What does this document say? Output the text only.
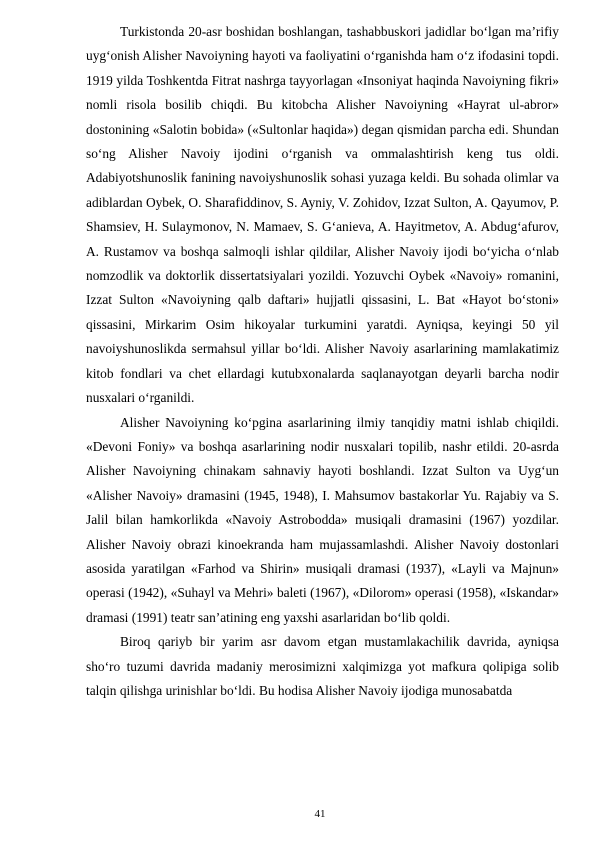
Turkistonda 20-asr boshidan boshlangan, tashabbuskori jadidlar bo‘lgan ma’rifiy uyg‘onish Alisher Navoiyning hayoti va faoliyatini o‘rganishda ham o‘z ifodasini topdi. 1919 yilda Toshkentda Fitrat nashrga tayyorlagan «Insoniyat haqinda Navoiyning fikri» nomli risola bosilib chiqdi. Bu kitobcha Alisher Navoiyning «Hayrat ul-abror» dostonining «Salotin bobida» («Sultonlar haqida») degan qismidan parcha edi. Shundan so‘ng Alisher Navoiy ijodini o‘rganish va ommalashtirish keng tus oldi. Adabiyotshunoslik fanining navoiyshunoslik sohasi yuzaga keldi. Bu sohada olimlar va adiblardan Oybek, O. Sharafiddinov, S. Ayniy, V. Zohidov, Izzat Sulton, A. Qayumov, P. Shamsiev, H. Sulaymonov, N. Mamaev, S. G‘anieva, A. Hayitmetov, A. Abdug‘afurov, A. Rustamov va boshqa salmoqli ishlar qildilar, Alisher Navoiy ijodi bo‘yicha o‘nlab nomzodlik va doktorlik dissertatsiyalari yozildi. Yozuvchi Oybek «Navoiy» romanini, Izzat Sulton «Navoiyning qalb daftari» hujjatli qissasini, L. Bat «Hayot bo‘stoni» qissasini, Mirkarim Osim hikoyalar turkumini yaratdi. Ayniqsa, keyingi 50 yil navoiyshunoslikda sermahsul yillar bo‘ldi. Alisher Navoiy asarlarining mamlakatimiz kitob fondlari va chet ellardagi kutubxonalarda saqlanayotgan deyarli barcha nodir nusxalari o‘rganildi.

Alisher Navoiyning ko‘pgina asarlarining ilmiy tanqidiy matni ishlab chiqildi. «Devoni Foniy» va boshqa asarlarining nodir nusxalari topilib, nashr etildi. 20-asrda Alisher Navoiyning chinakam sahnaviy hayoti boshlandi. Izzat Sulton va Uyg‘un «Alisher Navoiy» dramasini (1945, 1948), I. Mahsumov bastakorlar Yu. Rajabiy va S. Jalil bilan hamkorlikda «Navoiy Astrobodda» musiqali dramasini (1967) yozdilar. Alisher Navoiy obrazi kinoekranda ham mujassamlashdi. Alisher Navoiy dostonlari asosida yaratilgan «Farhod va Shirin» musiqali dramasi (1937), «Layli va Majnun» operasi (1942), «Suhayl va Mehri» baleti (1967), «Dilorom» operasi (1958), «Iskandar» dramasi (1991) teatr san’atining eng yaxshi asarlaridan bo‘lib qoldi.

Biroq qariyb bir yarim asr davom etgan mustamlakachilik davrida, ayniqsa sho‘ro tuzumi davrida madaniy merosimizni xalqimizga yot mafkura qolipiga solib talqin qilishga urinishlar bo‘ldi. Bu hodisa Alisher Navoiy ijodiga munosabatda

41
